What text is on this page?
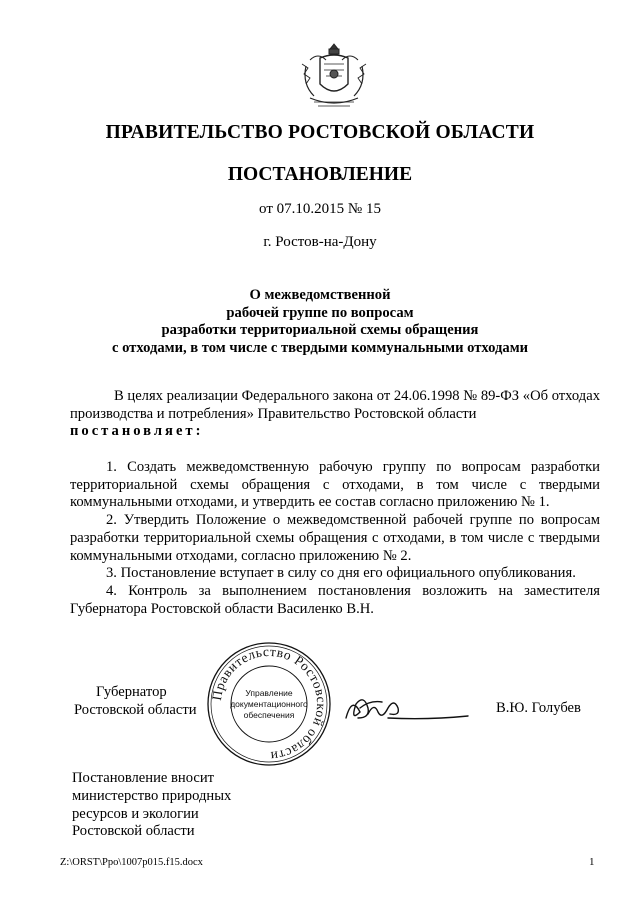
ПРАВИТЕЛЬСТВО РОСТОВСКОЙ ОБЛАСТИ
ПОСТАНОВЛЕНИЕ
от 07.10.2015 № 15
г. Ростов-на-Дону
О межведомственной
рабочей группе по вопросам
разработки территориальной схемы обращения
с отходами, в том числе с твердыми коммунальными отходами
В целях реализации Федерального закона от 24.06.1998 № 89-ФЗ «Об отходах производства и потребления» Правительство Ростовской области
постановляет:

1. Создать межведомственную рабочую группу по вопросам разработки территориальной схемы обращения с отходами, в том числе с твердыми коммунальными отходами, и утвердить ее состав согласно приложению № 1.

2. Утвердить Положение о межведомственной рабочей группе по вопросам разработки территориальной схемы обращения с отходами, в том числе с твердыми коммунальными отходами, согласно приложению № 2.

3. Постановление вступает в силу со дня его официального опубликования.

4. Контроль за выполнением постановления возложить на заместителя Губернатора Ростовской области Василенко В.Н.

Губернатор
Ростовской области
Правительство Ростовской области
Управление
документационного
обеспечения	В.Ю. Голубев
Постановление вносит
министерство природных
ресурсов и экологии
Ростовской области
Z:\ORST\Ppo\1007p015.f15.docx	1
